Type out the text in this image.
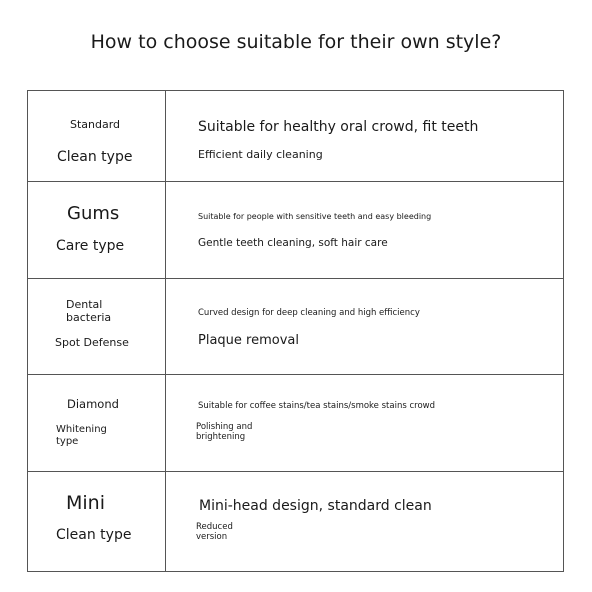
How to choose suitable for their own style?
Standard
Clean type
Suitable for healthy oral crowd, fit teeth
Efficient daily cleaning
Gums
Care type
Suitable for people with sensitive teeth and easy bleeding
Gentle teeth cleaning, soft hair care
Dental bacteria
Spot Defense
Curved design for deep cleaning and high efficiency
Plaque removal
Diamond
Whitening type
Suitable for coffee stains/tea stains/smoke stains crowd
Polishing and brightening
Mini
Clean type
Mini-head design, standard clean
Reduced version
